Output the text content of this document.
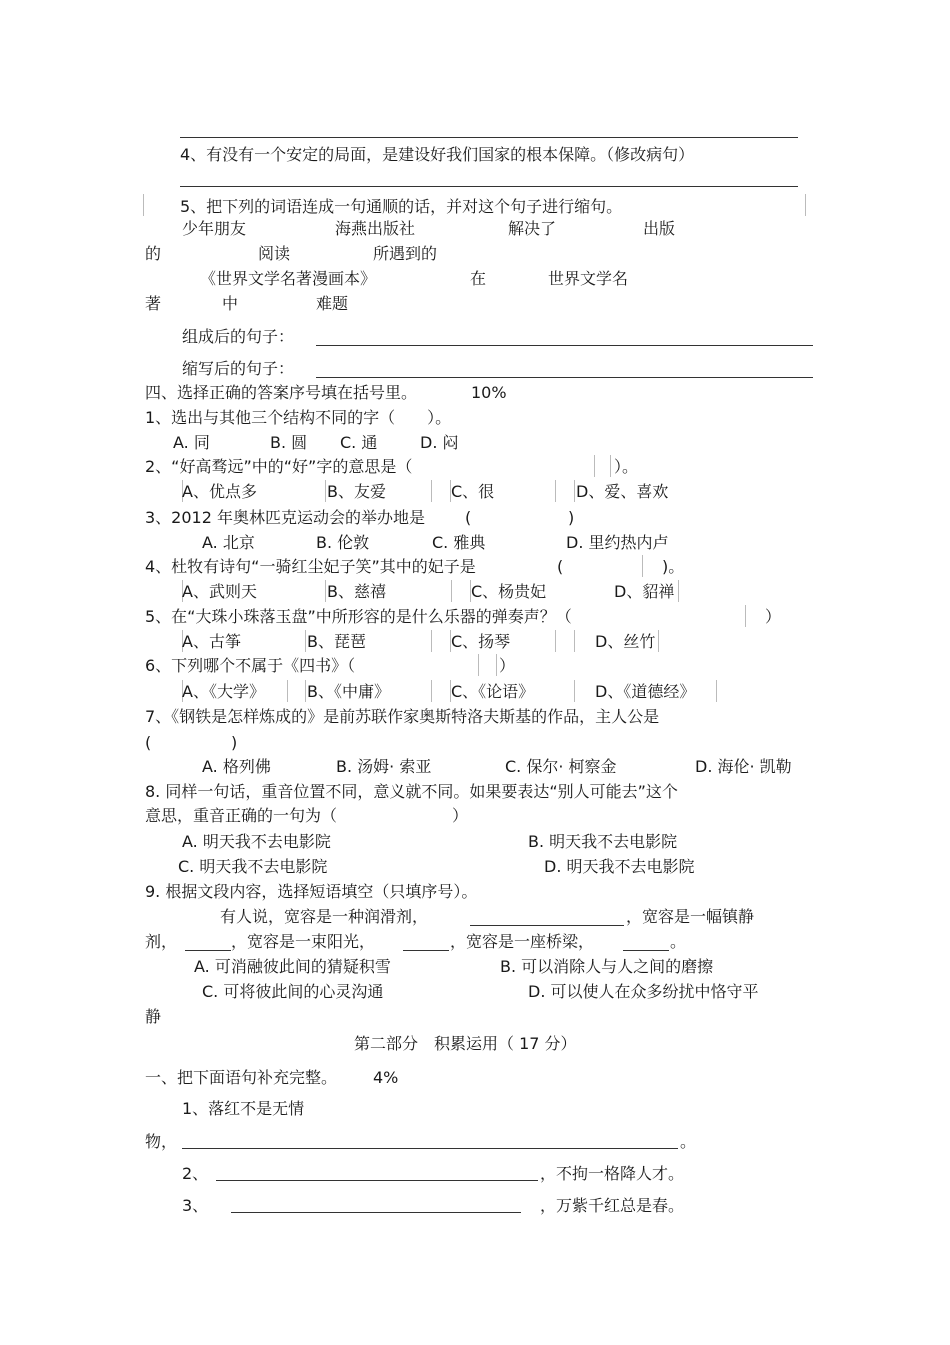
4、有没有一个安定的局面，是建设好我们国家的根本保障。（修改病句）
5、把下列的词语连成一句通顺的话，并对这个句子进行缩句。
少年朋友	海燕出版社	解决了	出版
的	阅读	所遇到的
《世界文学名著漫画本》	在	世界文学名
著	中	难题
组成后的句子：
缩写后的句子：
四、选择正确的答案序号填在括号里。	10%
1、选出与其他三个结构不同的字（　　）。
A. 同	B. 圆 C. 通	D. 闷
2、“好高骛远”中的“好”字的意思是（	）。
A、优点多	B、友爱	C、很	D、爱、喜欢
3、2012 年奥林匹克运动会的举办地是	(	)
A. 北京	B. 伦敦	C. 雅典	D. 里约热内卢
4、杜牧有诗句“一骑红尘妃子笑”其中的妃子是	(	)。
A、武则天	B、慈禧	C、杨贵妃	D、貂禅
5、在“大珠小珠落玉盘”中所形容的是什么乐器的弹奏声？（	）
A、古筝	B、琵琶	C、扬琴	D、丝竹
6、下列哪个不属于《四书》（	）
A、《大学》	B、《中庸》	C、《论语》	D、《道德经》
7、《钢铁是怎样炼成的》是前苏联作家奥斯特洛夫斯基的作品，主人公是
(	)
A. 格列佛	B. 汤姆· 索亚	C. 保尔· 柯察金	D. 海伦· 凯勒
8. 同样一句话，重音位置不同，意义就不同。如果要表达“别人可能去”这个
意思，重音正确的一句为（	）
A. 明天我不去电影院	B. 明天我不去电影院
C. 明天我不去电影院	D. 明天我不去电影院
9. 根据文段内容，选择短语填空（只填序号）。
有人说，宽容是一种润滑剂，	，宽容是一幅镇静
剂，	，宽容是一束阳光，	，宽容是一座桥梁，	。
A. 可消融彼此间的猜疑积雪	B. 可以消除人与人之间的磨擦
C. 可将彼此间的心灵沟通	D. 可以使人在众多纷扰中恪守平
静
第二部分　积累运用（ 17 分）
一、把下面语句补充完整。 4%
1、落红不是无情
物，	。
2、	，不拘一格降人才。
3、	，万紫千红总是春。
